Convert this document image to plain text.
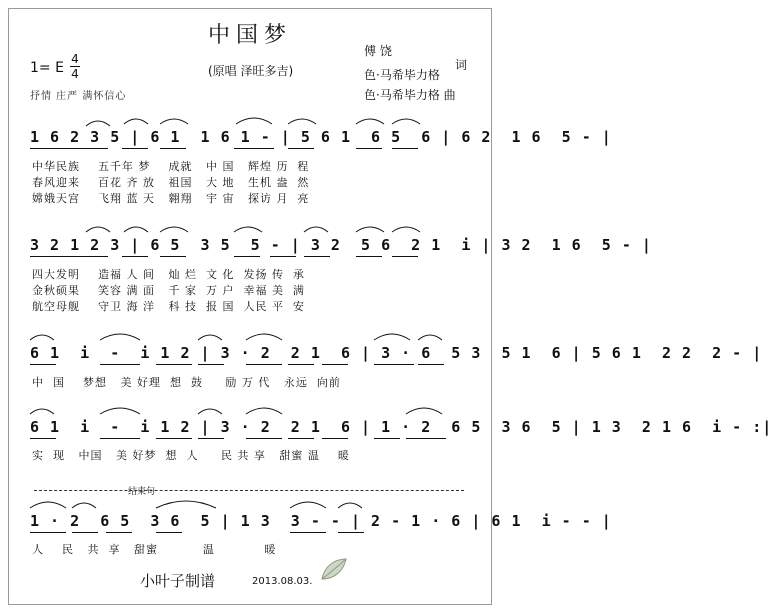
中国梦
(原唱 泽旺多吉)
傅 饶
词
色·马希毕力格
色·马希毕力格 曲
1= E
4
4
抒情 庄严 满怀信心
1 6 2 3 5 | 6 1  1 6 1 - | 5 6 1  6 5  6 | 6 2  1 6  5 - |
中华民族    五千年 梦    成就   中 国   辉煌 历  程
春风迎来    百花 齐 放   祖国   大 地   生机 盎  然
嫦娥天宫    飞翔 蓝 天   翱翔   宇 宙   探访 月  亮
3 2 1 2 3 | 6 5  3 5  5 - | 3 2  5 6  2 1  i | 3 2  1 6  5 - |
四大发明    造福 人 间   灿 烂  文 化  发扬 传  承
金秋硕果    笑容 满 面   千 家  万 户  幸福 美  满
航空母舰    守卫 海 洋   科 技  报 国  人民 平  安
6 1  i  -  i 1 2 | 3 · 2  2 1  6 | 3 · 6  5 3  5 1  6 | 5 6 1  2 2  2 - |
中  国    梦想   美 好理  想  鼓     励 万 代   永远  向前
6 1  i  -  i 1 2 | 3 · 2  2 1  6 | 1 · 2  6 5  3 6  5 | 1 3  2 1 6  i - :|
实  现   中国   美 好梦  想  人     民 共 享   甜蜜 温    暖
结束句
1 · 2  6 5  3 6  5 | 1 3  3 - - | 2 - 1 · 6 | 6 1  i - - |
人    民   共  享   甜蜜          温           暖
小叶子制谱	2013.08.03.
